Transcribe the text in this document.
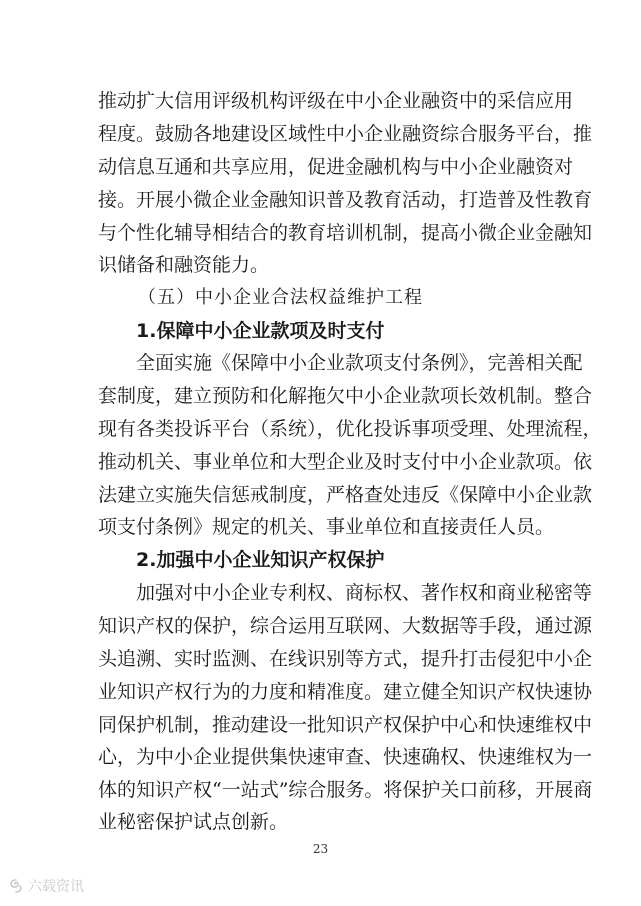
推动扩大信用评级机构评级在中小企业融资中的采信应用
程度。鼓励各地建设区域性中小企业融资综合服务平台，推
动信息互通和共享应用，促进金融机构与中小企业融资对
接。开展小微企业金融知识普及教育活动，打造普及性教育
与个性化辅导相结合的教育培训机制，提高小微企业金融知
识储备和融资能力。
（五）中小企业合法权益维护工程
1.保障中小企业款项及时支付
全面实施《保障中小企业款项支付条例》，完善相关配
套制度，建立预防和化解拖欠中小企业款项长效机制。整合
现有各类投诉平台（系统），优化投诉事项受理、处理流程，
推动机关、事业单位和大型企业及时支付中小企业款项。依
法建立实施失信惩戒制度，严格查处违反《保障中小企业款
项支付条例》规定的机关、事业单位和直接责任人员。
2.加强中小企业知识产权保护
加强对中小企业专利权、商标权、著作权和商业秘密等
知识产权的保护，综合运用互联网、大数据等手段，通过源
头追溯、实时监测、在线识别等方式，提升打击侵犯中小企
业知识产权行为的力度和精准度。建立健全知识产权快速协
同保护机制，推动建设一批知识产权保护中心和快速维权中
心，为中小企业提供集快速审查、快速确权、快速维权为一
体的知识产权“一站式”综合服务。将保护关口前移，开展商
业秘密保护试点创新。
23
六载资讯
